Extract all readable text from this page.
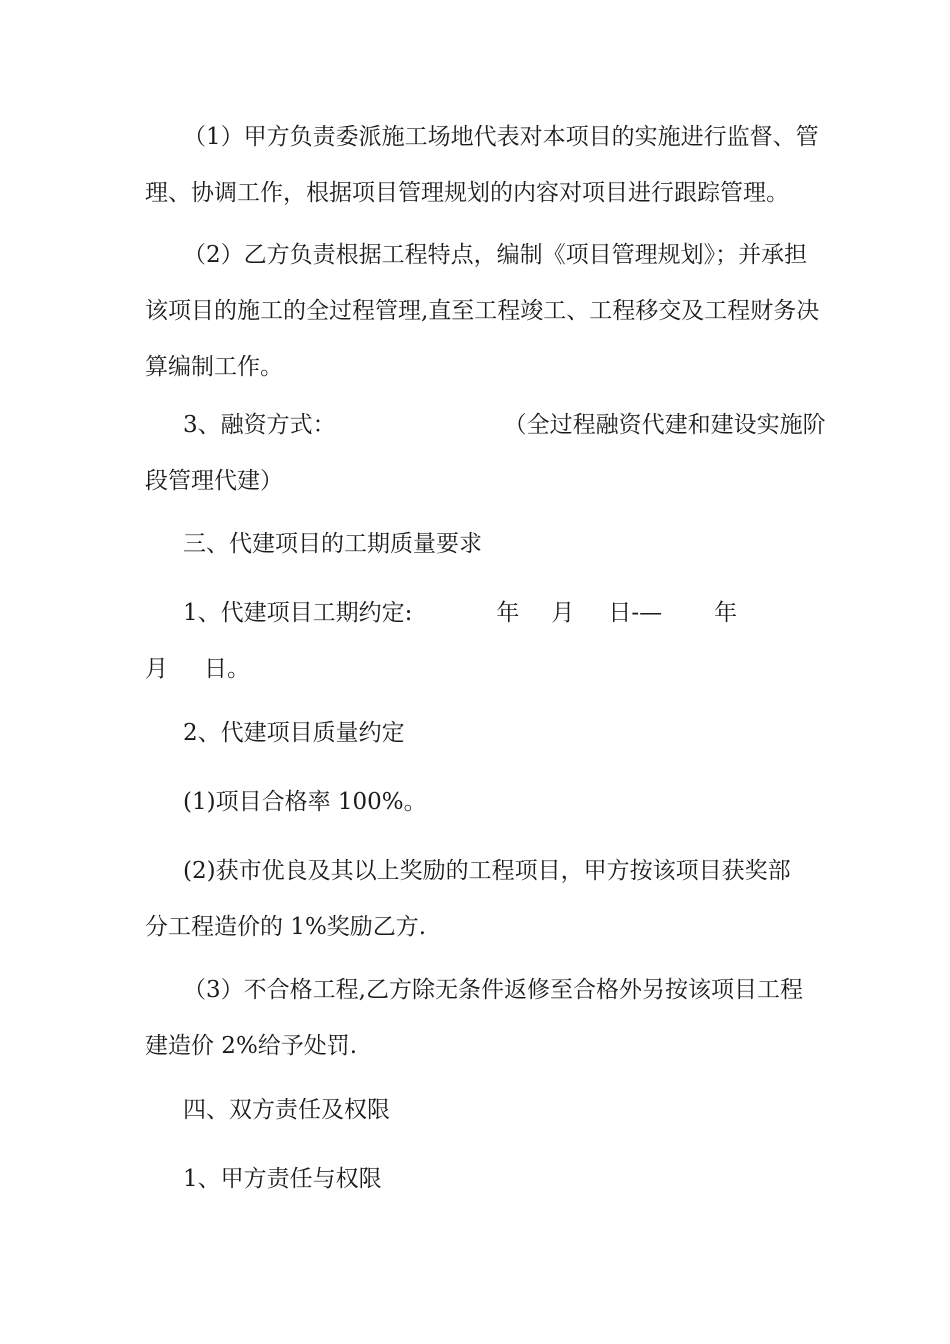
（1）甲方负责委派施工场地代表对本项目的实施进行监督、管
理、协调工作，根据项目管理规划的内容对项目进行跟踪管理。
（2）乙方负责根据工程特点，编制《项目管理规划》；并承担
该项目的施工的全过程管理,直至工程竣工、工程移交及工程财务决
算编制工作。
3、融资方式：	（全过程融资代建和建设实施阶
段管理代建）
三、代建项目的工期质量要求
1、代建项目工期约定:	年 月 日-— 年
月 日。
2、代建项目质量约定
(1)项目合格率 100%。
(2)获市优良及其以上奖励的工程项目，甲方按该项目获奖部
分工程造价的 1%奖励乙方.
（3）不合格工程,乙方除无条件返修至合格外另按该项目工程
建造价 2%给予处罚.
四、双方责任及权限
1、甲方责任与权限
